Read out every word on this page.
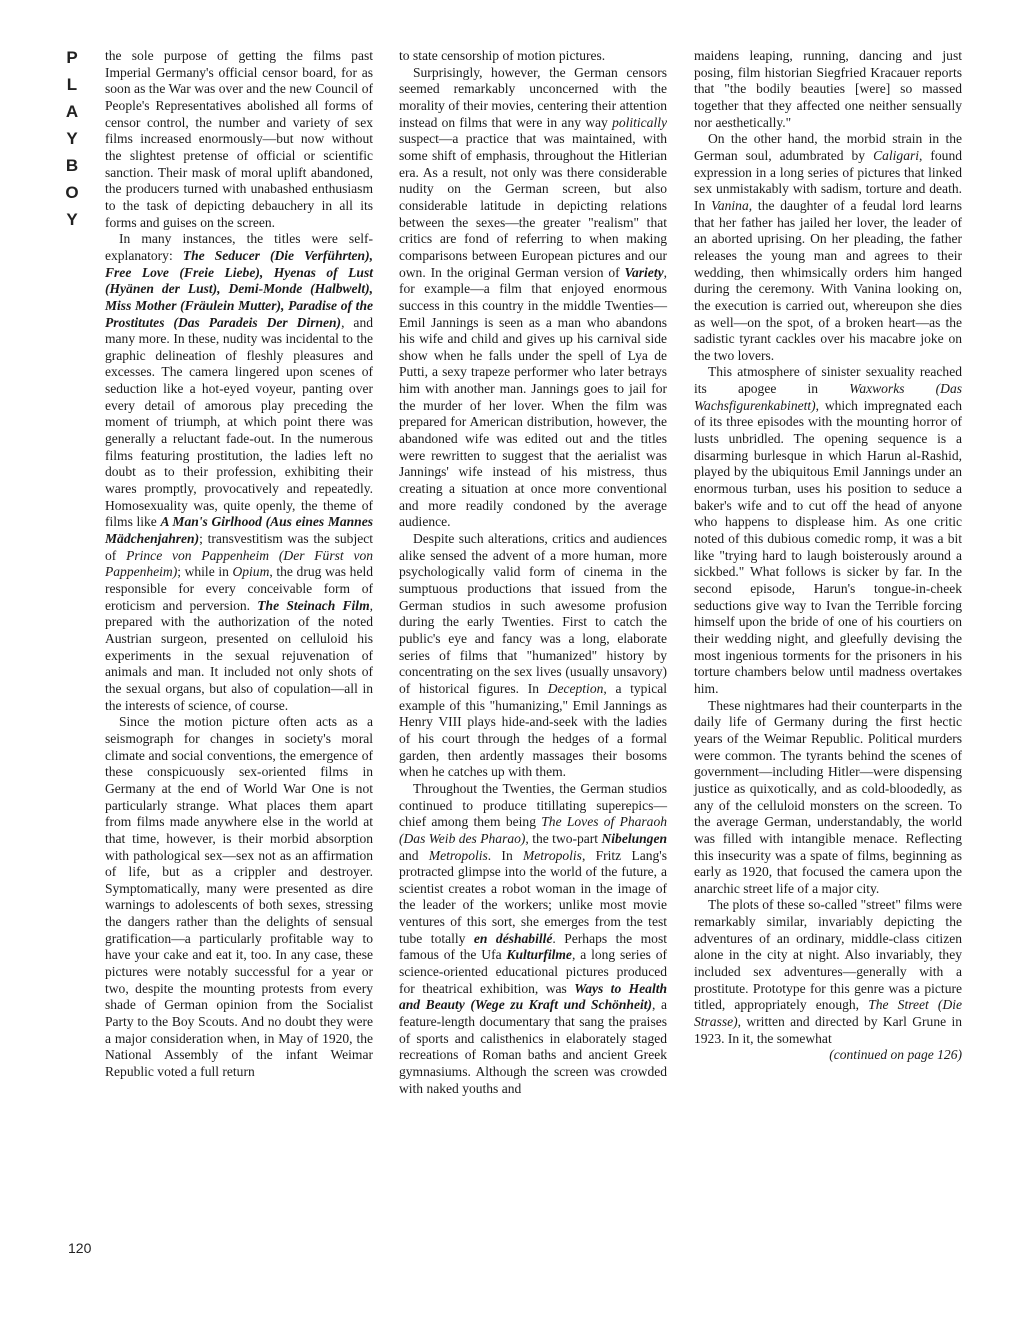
P
L
A
Y
B
O
Y

the sole purpose of getting the films past Imperial Germany's official censor board, for as soon as the War was over and the new Council of People's Representatives abolished all forms of censor control, the number and variety of sex films increased enormously—but now without the slightest pretense of official or scientific sanction. Their mask of moral uplift abandoned, the producers turned with unabashed enthusiasm to the task of depicting debauchery in all its forms and guises on the screen.

In many instances, the titles were self-explanatory: The Seducer (Die Verführten), Free Love (Freie Liebe), Hyenas of Lust (Hyänen der Lust), Demi-Monde (Halbwelt), Miss Mother (Fräulein Mutter), Paradise of the Prostitutes (Das Paradeis Der Dirnen), and many more. In these, nudity was incidental to the graphic delineation of fleshly pleasures and excesses. The camera lingered upon scenes of seduction like a hot-eyed voyeur, panting over every detail of amorous play preceding the moment of triumph, at which point there was generally a reluctant fade-out. In the numerous films featuring prostitution, the ladies left no doubt as to their profession, exhibiting their wares promptly, provocatively and repeatedly. Homosexuality was, quite openly, the theme of films like A Man's Girlhood (Aus eines Mannes Mädchenjahren); transvestitism was the subject of Prince von Pappenheim (Der Fürst von Pappenheim); while in Opium, the drug was held responsible for every conceivable form of eroticism and perversion. The Steinach Film, prepared with the authorization of the noted Austrian surgeon, presented on celluloid his experiments in the sexual rejuvenation of animals and man. It included not only shots of the sexual organs, but also of copulation—all in the interests of science, of course.

Since the motion picture often acts as a seismograph for changes in society's moral climate and social conventions, the emergence of these conspicuously sex-oriented films in Germany at the end of World War One is not particularly strange. What places them apart from films made anywhere else in the world at that time, however, is their morbid absorption with pathological sex—sex not as an affirmation of life, but as a crippler and destroyer. Symptomatically, many were presented as dire warnings to adolescents of both sexes, stressing the dangers rather than the delights of sensual gratification—a particularly profitable way to have your cake and eat it, too. In any case, these pictures were notably successful for a year or two, despite the mounting protests from every shade of German opinion from the Socialist Party to the Boy Scouts. And no doubt they were a major consideration when, in May of 1920, the National Assembly of the infant Weimar Republic voted a full return

to state censorship of motion pictures.

Surprisingly, however, the German censors seemed remarkably unconcerned with the morality of their movies, centering their attention instead on films that were in any way politically suspect—a practice that was maintained, with some shift of emphasis, throughout the Hitlerian era. As a result, not only was there considerable nudity on the German screen, but also considerable latitude in depicting relations between the sexes—the greater "realism" that critics are fond of referring to when making comparisons between European pictures and our own. In the original German version of Variety, for example—a film that enjoyed enormous success in this country in the middle Twenties—Emil Jannings is seen as a man who abandons his wife and child and gives up his carnival side show when he falls under the spell of Lya de Putti, a sexy trapeze performer who later betrays him with another man. Jannings goes to jail for the murder of her lover. When the film was prepared for American distribution, however, the abandoned wife was edited out and the titles were rewritten to suggest that the aerialist was Jannings' wife instead of his mistress, thus creating a situation at once more conventional and more readily condoned by the average audience.

Despite such alterations, critics and audiences alike sensed the advent of a more human, more psychologically valid form of cinema in the sumptuous productions that issued from the German studios in such awesome profusion during the early Twenties. First to catch the public's eye and fancy was a long, elaborate series of films that "humanized" history by concentrating on the sex lives (usually unsavory) of historical figures. In Deception, a typical example of this "humanizing," Emil Jannings as Henry VIII plays hide-and-seek with the ladies of his court through the hedges of a formal garden, then ardently massages their bosoms when he catches up with them.

Throughout the Twenties, the German studios continued to produce titillating superepics—chief among them being The Loves of Pharaoh (Das Weib des Pharao), the two-part Nibelungen and Metropolis. In Metropolis, Fritz Lang's protracted glimpse into the world of the future, a scientist creates a robot woman in the image of the leader of the workers; unlike most movie ventures of this sort, she emerges from the test tube totally en déshabillé. Perhaps the most famous of the Ufa Kulturfilme, a long series of science-oriented educational pictures produced for theatrical exhibition, was Ways to Health and Beauty (Wege zu Kraft und Schönheit), a feature-length documentary that sang the praises of sports and calisthenics in elaborately staged recreations of Roman baths and ancient Greek gymnasiums. Although the screen was crowded with naked youths and

maidens leaping, running, dancing and just posing, film historian Siegfried Kracauer reports that "the bodily beauties [were] so massed together that they affected one neither sensually nor aesthetically."

On the other hand, the morbid strain in the German soul, adumbrated by Caligari, found expression in a long series of pictures that linked sex unmistakably with sadism, torture and death. In Vanina, the daughter of a feudal lord learns that her father has jailed her lover, the leader of an aborted uprising. On her pleading, the father releases the young man and agrees to their wedding, then whimsically orders him hanged during the ceremony. With Vanina looking on, the execution is carried out, whereupon she dies as well—on the spot, of a broken heart—as the sadistic tyrant cackles over his macabre joke on the two lovers.

This atmosphere of sinister sexuality reached its apogee in Waxworks (Das Wachsfigurenkabinett), which impregnated each of its three episodes with the mounting horror of lusts unbridled. The opening sequence is a disarming burlesque in which Harun al-Rashid, played by the ubiquitous Emil Jannings under an enormous turban, uses his position to seduce a baker's wife and to cut off the head of anyone who happens to displease him. As one critic noted of this dubious comedic romp, it was a bit like "trying hard to laugh boisterously around a sickbed." What follows is sicker by far. In the second episode, Harun's tongue-in-cheek seductions give way to Ivan the Terrible forcing himself upon the bride of one of his courtiers on their wedding night, and gleefully devising the most ingenious torments for the prisoners in his torture chambers below until madness overtakes him.

These nightmares had their counterparts in the daily life of Germany during the first hectic years of the Weimar Republic. Political murders were common. The tyrants behind the scenes of government—including Hitler—were dispensing justice as quixotically, and as cold-bloodedly, as any of the celluloid monsters on the screen. To the average German, understandably, the world was filled with intangible menace. Reflecting this insecurity was a spate of films, beginning as early as 1920, that focused the camera upon the anarchic street life of a major city.

The plots of these so-called "street" films were remarkably similar, invariably depicting the adventures of an ordinary, middle-class citizen alone in the city at night. Also invariably, they included sex adventures—generally with a prostitute. Prototype for this genre was a picture titled, appropriately enough, The Street (Die Strasse), written and directed by Karl Grune in 1923. In it, the somewhat

(continued on page 126)
120
